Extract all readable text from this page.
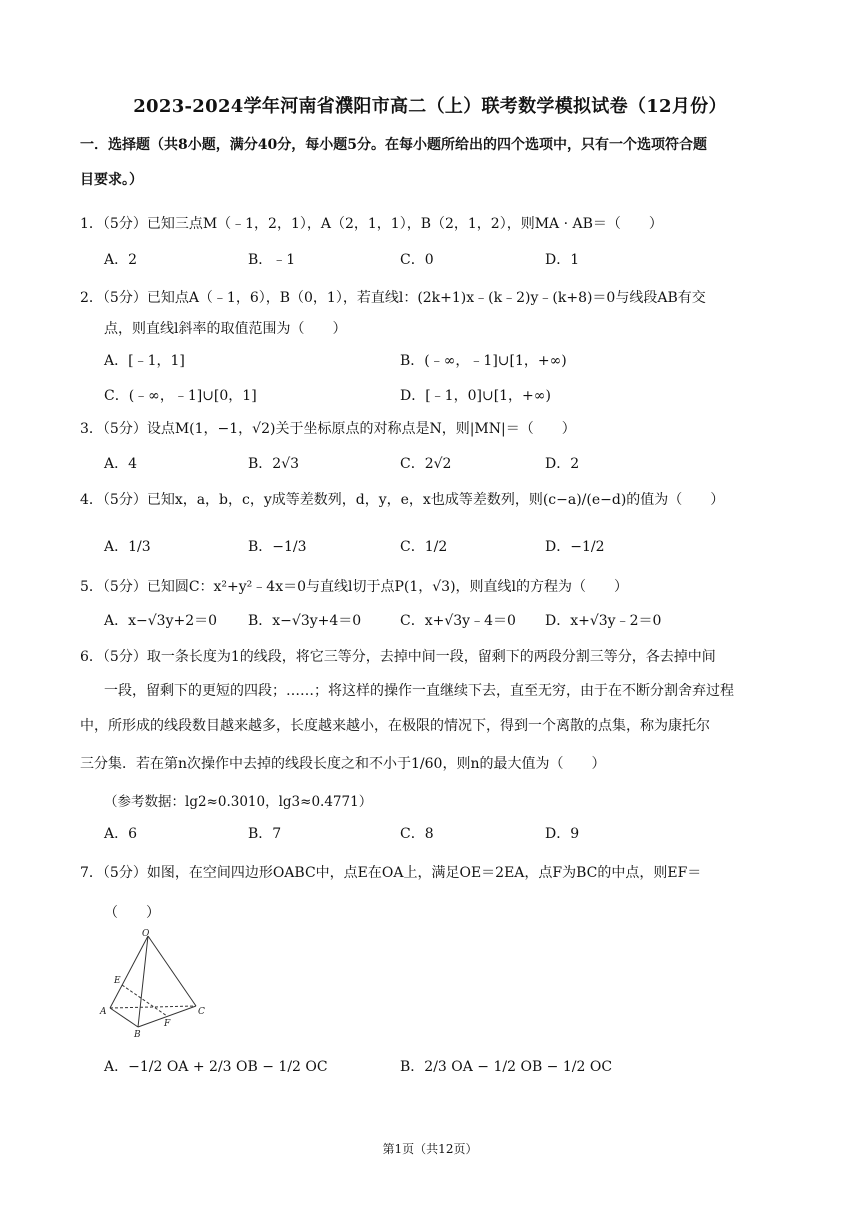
2023-2024学年河南省濮阳市高二（上）联考数学模拟试卷（12月份）
一．选择题（共8小题，满分40分，每小题5分。在每小题所给出的四个选项中，只有一个选项符合题
目要求。）
1．（5分）已知三点M（﹣1，2，1），A（2，1，1），B（2，1，2），则MA · AB＝（　　）
A．2	B．﹣1	C．0	D．1
2．（5分）已知点A（﹣1，6），B（0，1），若直线l：(2k+1)x﹣(k﹣2)y﹣(k+8)＝0与线段AB有交
点，则直线l斜率的取值范围为（　　）
A．[﹣1，1]	B．(﹣∞，﹣1]∪[1，+∞)
C．(﹣∞，﹣1]∪[0，1]	D．[﹣1，0]∪[1，+∞)
3．（5分）设点M(1，−1，√2)关于坐标原点的对称点是N，则|MN|＝（　　）
A．4	B．2√3	C．2√2	D．2
4．（5分）已知x，a，b，c，y成等差数列，d，y，e，x也成等差数列，则(c−a)/(e−d)的值为（　　）
A．1/3	B．−1/3	C．1/2	D．−1/2
5．（5分）已知圆C：x²+y²﹣4x＝0与直线l切于点P(1，√3)，则直线l的方程为（　　）
A．x−√3y+2＝0 B．x−√3y+4＝0	C．x+√3y﹣4＝0 D．x+√3y﹣2＝0
6．（5分）取一条长度为1的线段，将它三等分，去掉中间一段，留剩下的两段分割三等分，各去掉中间
一段，留剩下的更短的四段；……；将这样的操作一直继续下去，直至无穷，由于在不断分割舍弃过程
中，所形成的线段数目越来越多，长度越来越小，在极限的情况下，得到一个离散的点集，称为康托尔
三分集．若在第n次操作中去掉的线段长度之和不小于1/60，则n的最大值为（　　）
（参考数据：lg2≈0.3010，lg3≈0.4771）
A．6	B．7	C．8	D．9
7．（5分）如图，在空间四边形OABC中，点E在OA上，满足OE＝2EA，点F为BC的中点，则EF＝
（　　）
O
E
A
B
F
C
A．−1/2 OA + 2/3 OB − 1/2 OC	B．2/3 OA − 1/2 OB − 1/2 OC
第1页（共12页）
